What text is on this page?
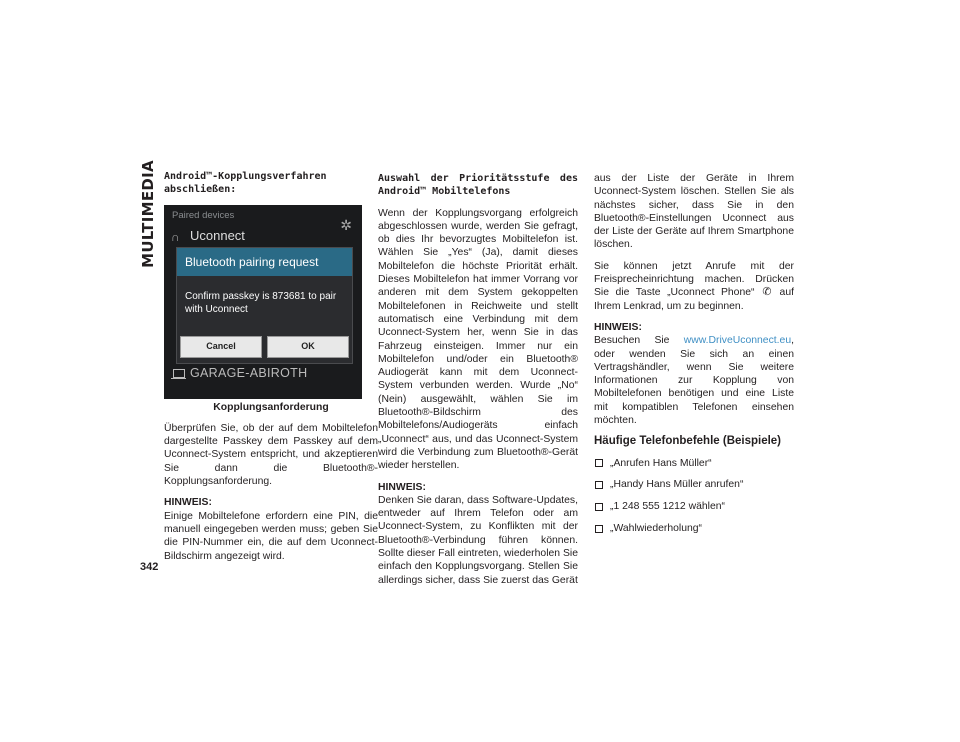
MULTIMEDIA
342

Android™-Kopplungsverfahren abschließen:

Paired devices
∩ Uconnect
✲
Bluetooth pairing request
Confirm passkey is 873681 to pair with Uconnect
Cancel	OK
GARAGE-ABIROTH

Kopplungsanforderung

Überprüfen Sie, ob der auf dem Mobiltelefon dargestellte Passkey dem Passkey auf dem Uconnect-System entspricht, und akzeptieren Sie dann die Bluetooth®-Kopplungsanforderung.

HINWEIS:
Einige Mobiltelefone erfordern eine PIN, die manuell eingegeben werden muss; geben Sie die PIN-Nummer ein, die auf dem Uconnect-Bildschirm angezeigt wird.

Auswahl der Prioritätsstufe des Android™ Mobiltelefons

Wenn der Kopplungsvorgang erfolgreich abgeschlossen wurde, werden Sie gefragt, ob dies Ihr bevorzugtes Mobiltelefon ist. Wählen Sie „Yes“ (Ja), damit dieses Mobiltelefon die höchste Priorität erhält. Dieses Mobiltelefon hat immer Vorrang vor anderen mit dem System gekoppelten Mobiltelefonen in Reichweite und stellt automatisch eine Verbindung mit dem Uconnect-System her, wenn Sie in das Fahrzeug einsteigen. Immer nur ein Mobiltelefon und/oder ein Bluetooth® Audiogerät kann mit dem Uconnect-System verbunden werden. Wurde „No“ (Nein) ausgewählt, wählen Sie im Bluetooth®-Bildschirm des Mobiltelefons/Audiogeräts einfach „Uconnect“ aus, und das Uconnect-System wird die Verbindung zum Bluetooth®-Gerät wieder herstellen.

HINWEIS:
Denken Sie daran, dass Software-Updates, entweder auf Ihrem Telefon oder am Uconnect-System, zu Konflikten mit der Bluetooth®-Verbindung führen können. Sollte dieser Fall eintreten, wiederholen Sie einfach den Kopplungsvorgang. Stellen Sie allerdings sicher, dass Sie zuerst das Gerät

aus der Liste der Geräte in Ihrem Uconnect-System löschen. Stellen Sie als nächstes sicher, dass Sie in den Bluetooth®-Einstellungen Uconnect aus der Liste der Geräte auf Ihrem Smartphone löschen.

Sie können jetzt Anrufe mit der Freisprecheinrichtung machen. Drücken Sie die Taste „Uconnect Phone“ ✆ auf Ihrem Lenkrad, um zu beginnen.

HINWEIS:
Besuchen Sie www.DriveUconnect.eu, oder wenden Sie sich an einen Vertragshändler, wenn Sie weitere Informationen zur Kopplung von Mobiltelefonen benötigen und eine Liste mit kompatiblen Telefonen einsehen möchten.

Häufige Telefonbefehle (Beispiele)

„Anrufen Hans Müller“
„Handy Hans Müller anrufen“
„1 248 555 1212 wählen“
„Wahlwiederholung“
